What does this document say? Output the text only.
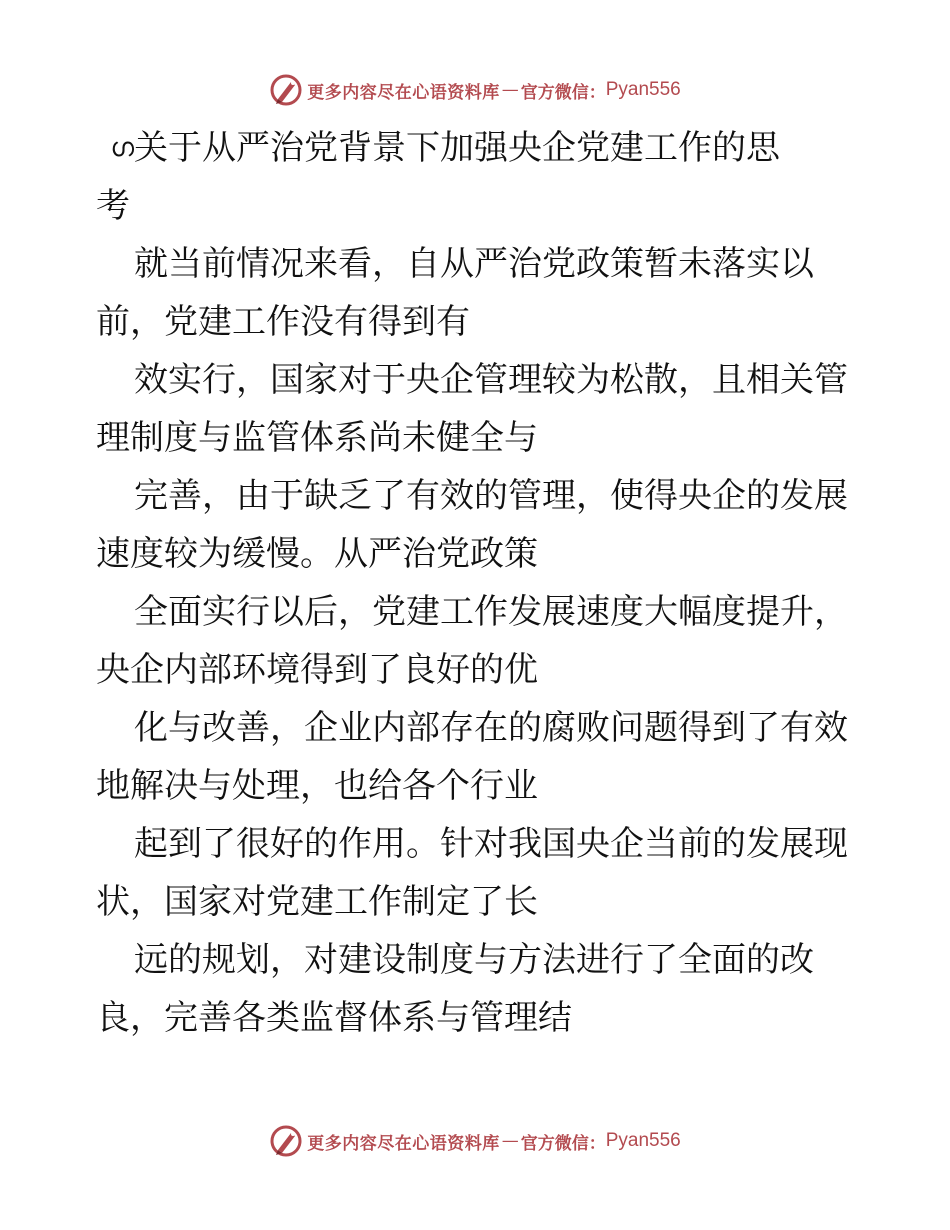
更多内容尽在心语资料库 — 官方微信： Pyan556
ഗ关于从严治党背景下加强央企党建工作的思
考
就当前情况来看，自从严治党政策暂未落实以
前，党建工作没有得到有
效实行，国家对于央企管理较为松散，且相关管
理制度与监管体系尚未健全与
完善，由于缺乏了有效的管理，使得央企的发展
速度较为缓慢。从严治党政策
全面实行以后，党建工作发展速度大幅度提升，
央企内部环境得到了良好的优
化与改善，企业内部存在的腐败问题得到了有效
地解决与处理，也给各个行业
起到了很好的作用。针对我国央企当前的发展现
状，国家对党建工作制定了长
远的规划，对建设制度与方法进行了全面的改
良，完善各类监督体系与管理结
更多内容尽在心语资料库 — 官方微信： Pyan556
